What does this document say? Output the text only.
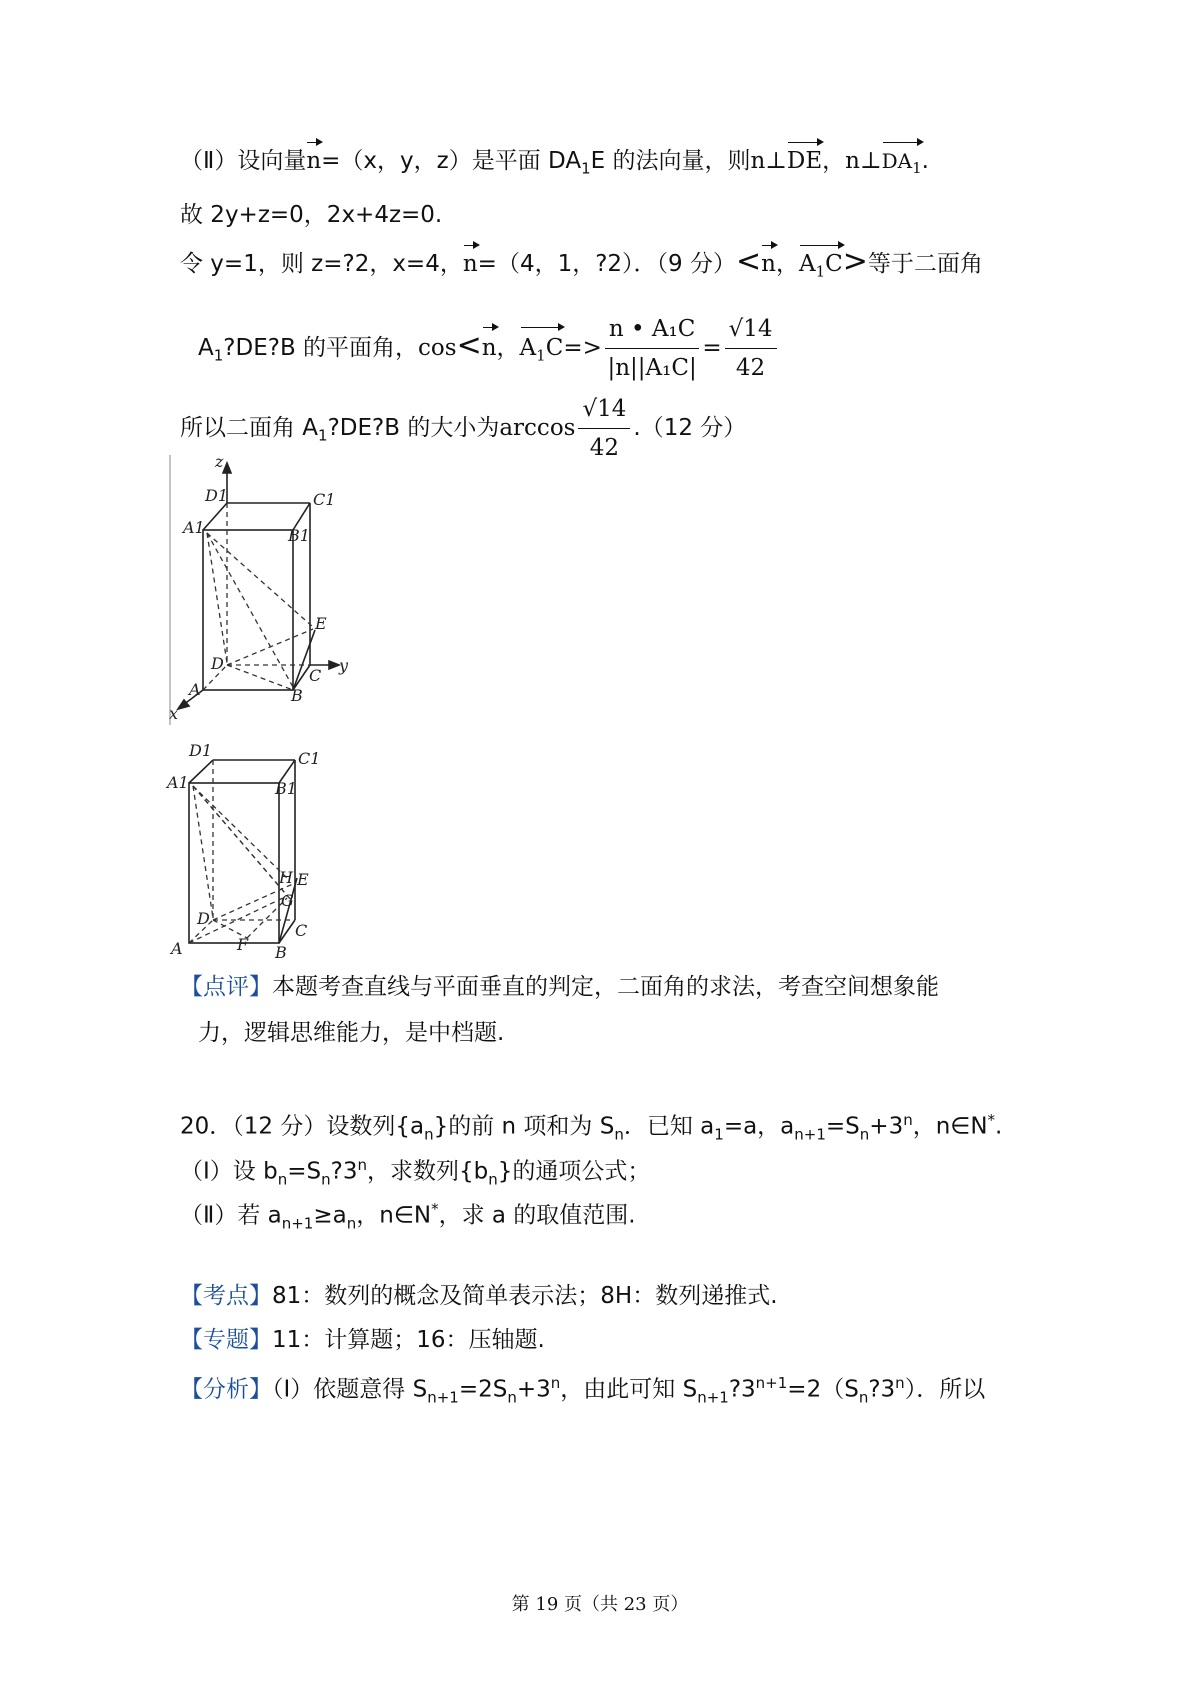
（Ⅱ）设向量n=（x，y，z）是平面 $DA_1E$ 的法向量，则n⊥DE，$n\perp DA_1$.
故 2y+z=0，2x+4z=0.
令 y=1，则 z=?2，x=4，n=（4，1，?2）．（9 分）<n，$A_1C>$等于二面角
$A_1?DE?B$ 的平面角，cos<n，$A_1C=> \frac{\text{n • A₁C}}{\text{|n||A₁C|}} = \frac{√14}{42}$
所以二面角 $A_1?DE?B$ 的大小为$\arccos \frac{√14}{42} .(12$ 分）
z
D1	C1
A1	B1
E
D	y
C
A	B
x
D1	C1
A1	B1
H E
G
D
C
A	F B
【点评】本题考查直线与平面垂直的判定，二面角的求法，考查空间想象能
力，逻辑思维能力，是中档题.
20．（12 分）设数列$\{a_n\}$的前 n 项和为 $S_n$．已知 $a_1=a$，$a_{n+1}=S_n+3^n$，n∈N*.
（Ⅰ）设 $b_n=S_n?3^n$，求数列$\{b_n\}$的通项公式；
（Ⅱ）若 $a_{n+1}\ge a_n$，n∈N*，求 a 的取值范围.
【考点】81：数列的概念及简单表示法；8H：数列递推式.
【专题】11：计算题；16：压轴题.
【分析】（Ⅰ）依题意得 $S_{n+1}=2S_n+3^n$，由此可知 $S_{n+1}?3^{n+1}=2(S_n?3^n)$．所以
第 19 页（共 23 页）
